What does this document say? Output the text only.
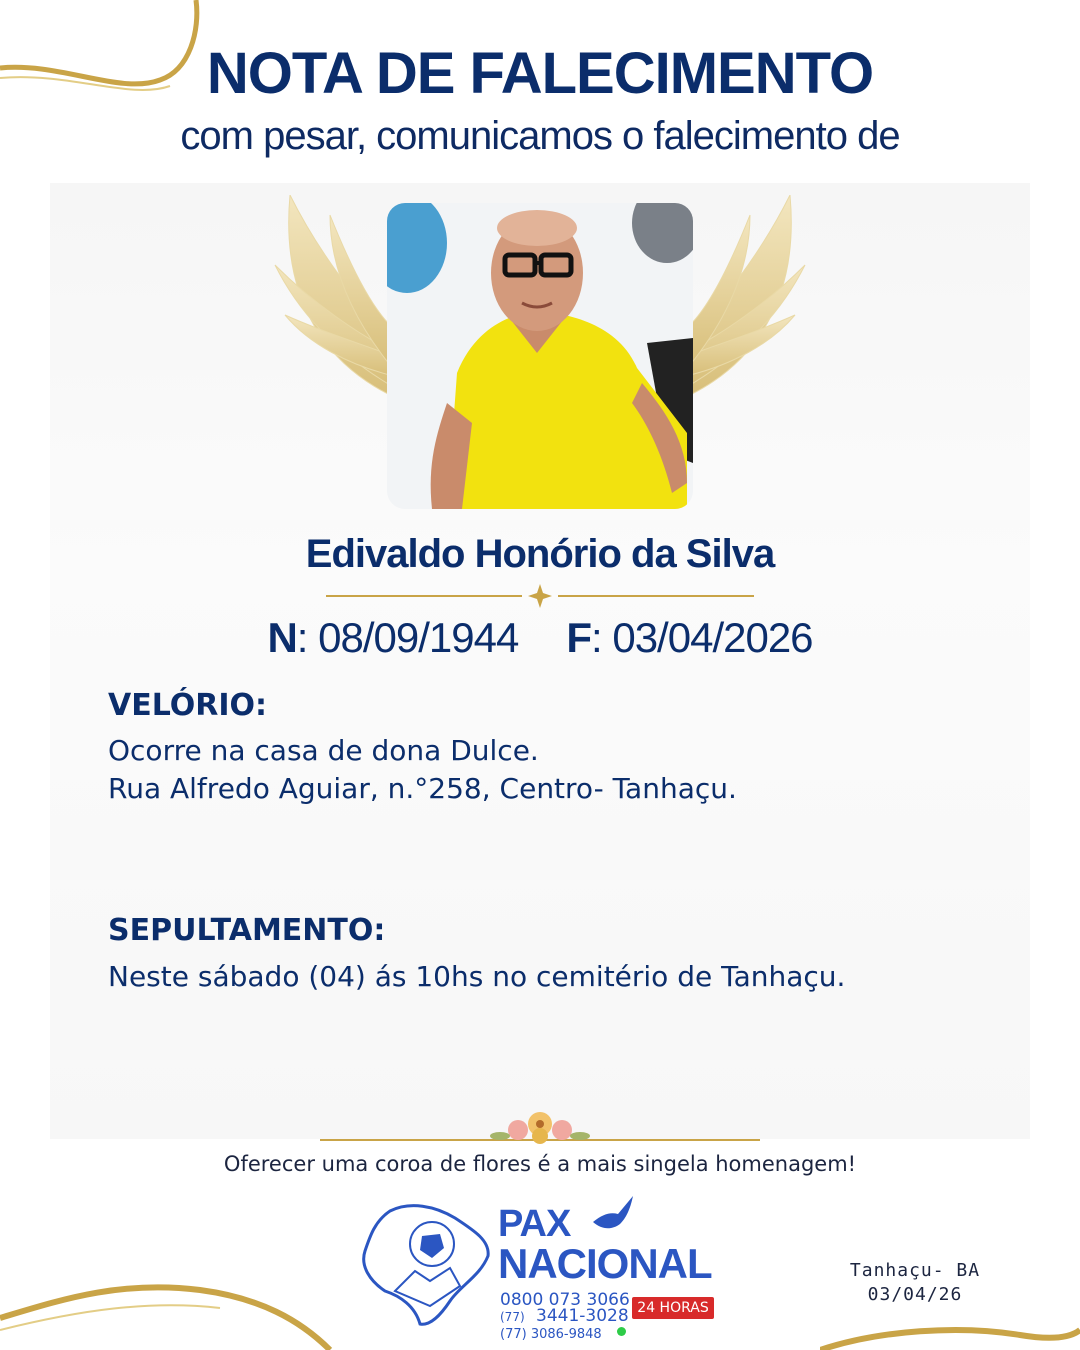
NOTA DE FALECIMENTO
com pesar, comunicamos o falecimento de
Edivaldo Honório da Silva
N: 08/09/1944 F: 03/04/2026
VELÓRIO:
Ocorre na casa de dona Dulce.
Rua Alfredo Aguiar, n.°258, Centro- Tanhaçu.
SEPULTAMENTO:
Neste sábado (04) ás 10hs no cemitério de Tanhaçu.
Oferecer uma coroa de flores é a mais singela homenagem!
PAX
NACIONAL
0800 073 3066
(77) 3441-3028
(77) 3086-9848
24 HORAS
Tanhaçu- BA
03/04/26
